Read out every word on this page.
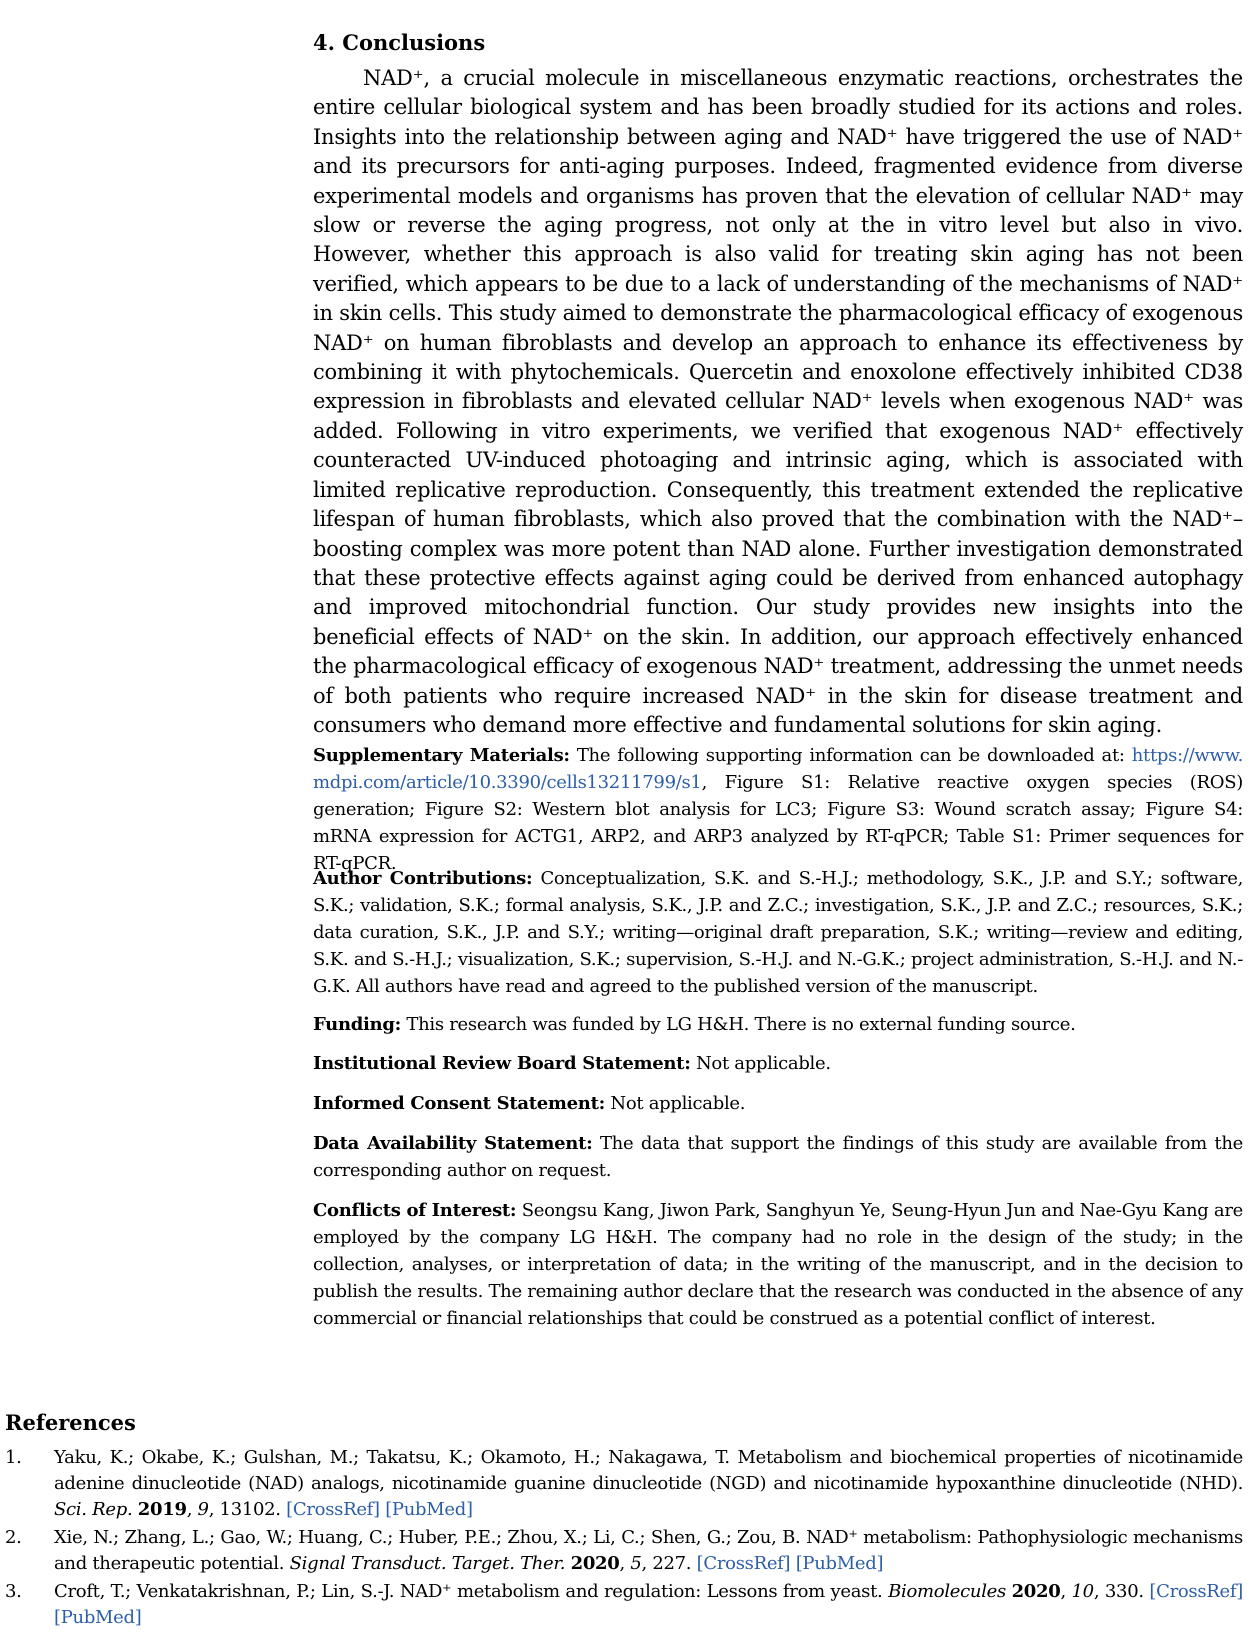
4. Conclusions

NAD⁺, a crucial molecule in miscellaneous enzymatic reactions, orchestrates the entire cellular biological system and has been broadly studied for its actions and roles. Insights into the relationship between aging and NAD⁺ have triggered the use of NAD⁺ and its precursors for anti-aging purposes. Indeed, fragmented evidence from diverse experimental models and organisms has proven that the elevation of cellular NAD⁺ may slow or reverse the aging progress, not only at the in vitro level but also in vivo. However, whether this approach is also valid for treating skin aging has not been verified, which appears to be due to a lack of understanding of the mechanisms of NAD⁺ in skin cells. This study aimed to demonstrate the pharmacological efficacy of exogenous NAD⁺ on human fibroblasts and develop an approach to enhance its effectiveness by combining it with phytochemicals. Quercetin and enoxolone effectively inhibited CD38 expression in fibroblasts and elevated cellular NAD⁺ levels when exogenous NAD⁺ was added. Following in vitro experiments, we verified that exogenous NAD⁺ effectively counteracted UV-induced photoaging and intrinsic aging, which is associated with limited replicative reproduction. Consequently, this treatment extended the replicative lifespan of human fibroblasts, which also proved that the combination with the NAD⁺–boosting complex was more potent than NAD alone. Further investigation demonstrated that these protective effects against aging could be derived from enhanced autophagy and improved mitochondrial function. Our study provides new insights into the beneficial effects of NAD⁺ on the skin. In addition, our approach effectively enhanced the pharmacological efficacy of exogenous NAD⁺ treatment, addressing the unmet needs of both patients who require increased NAD⁺ in the skin for disease treatment and consumers who demand more effective and fundamental solutions for skin aging.

Supplementary Materials: The following supporting information can be downloaded at: https://www.mdpi.com/article/10.3390/cells13211799/s1, Figure S1: Relative reactive oxygen species (ROS) generation; Figure S2: Western blot analysis for LC3; Figure S3: Wound scratch assay; Figure S4: mRNA expression for ACTG1, ARP2, and ARP3 analyzed by RT-qPCR; Table S1: Primer sequences for RT-qPCR.
Author Contributions: Conceptualization, S.K. and S.-H.J.; methodology, S.K., J.P. and S.Y.; software, S.K.; validation, S.K.; formal analysis, S.K., J.P. and Z.C.; investigation, S.K., J.P. and Z.C.; resources, S.K.; data curation, S.K., J.P. and S.Y.; writing—original draft preparation, S.K.; writing—review and editing, S.K. and S.-H.J.; visualization, S.K.; supervision, S.-H.J. and N.-G.K.; project administration, S.-H.J. and N.-G.K. All authors have read and agreed to the published version of the manuscript.
Funding: This research was funded by LG H&H. There is no external funding source.
Institutional Review Board Statement: Not applicable.
Informed Consent Statement: Not applicable.
Data Availability Statement: The data that support the findings of this study are available from the corresponding author on request.
Conflicts of Interest: Seongsu Kang, Jiwon Park, Sanghyun Ye, Seung-Hyun Jun and Nae-Gyu Kang are employed by the company LG H&H. The company had no role in the design of the study; in the collection, analyses, or interpretation of data; in the writing of the manuscript, and in the decision to publish the results. The remaining author declare that the research was conducted in the absence of any commercial or financial relationships that could be construed as a potential conflict of interest.
References
1. Yaku, K.; Okabe, K.; Gulshan, M.; Takatsu, K.; Okamoto, H.; Nakagawa, T. Metabolism and biochemical properties of nicotinamide adenine dinucleotide (NAD) analogs, nicotinamide guanine dinucleotide (NGD) and nicotinamide hypoxanthine dinucleotide (NHD). Sci. Rep. 2019, 9, 13102. [CrossRef] [PubMed]
2. Xie, N.; Zhang, L.; Gao, W.; Huang, C.; Huber, P.E.; Zhou, X.; Li, C.; Shen, G.; Zou, B. NAD⁺ metabolism: Pathophysiologic mechanisms and therapeutic potential. Signal Transduct. Target. Ther. 2020, 5, 227. [CrossRef] [PubMed]
3. Croft, T.; Venkatakrishnan, P.; Lin, S.-J. NAD⁺ metabolism and regulation: Lessons from yeast. Biomolecules 2020, 10, 330. [CrossRef] [PubMed]
